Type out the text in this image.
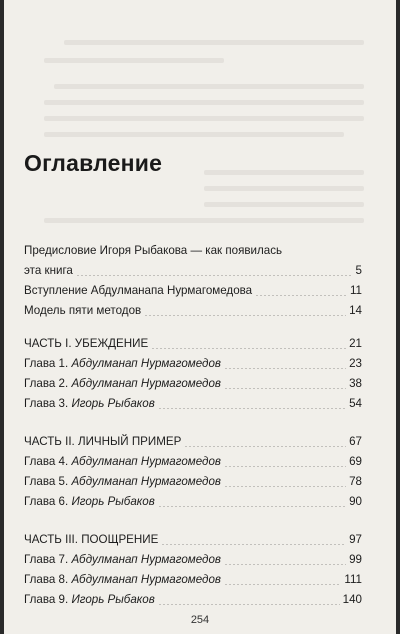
Оглавление
Предисловие Игоря Рыбакова — как появилась
эта книга	5
Вступление Абдулманапа Нурмагомедова	11
Модель пяти методов	14
ЧАСТЬ I. УБЕЖДЕНИЕ	21
Глава 1. Абдулманап Нурмагомедов	23
Глава 2. Абдулманап Нурмагомедов	38
Глава 3. Игорь Рыбаков	54
ЧАСТЬ II. ЛИЧНЫЙ ПРИМЕР	67
Глава 4. Абдулманап Нурмагомедов	69
Глава 5. Абдулманап Нурмагомедов	78
Глава 6. Игорь Рыбаков	90
ЧАСТЬ III. ПООЩРЕНИЕ	97
Глава 7. Абдулманап Нурмагомедов	99
Глава 8. Абдулманап Нурмагомедов	111
Глава 9. Игорь Рыбаков	140
254
